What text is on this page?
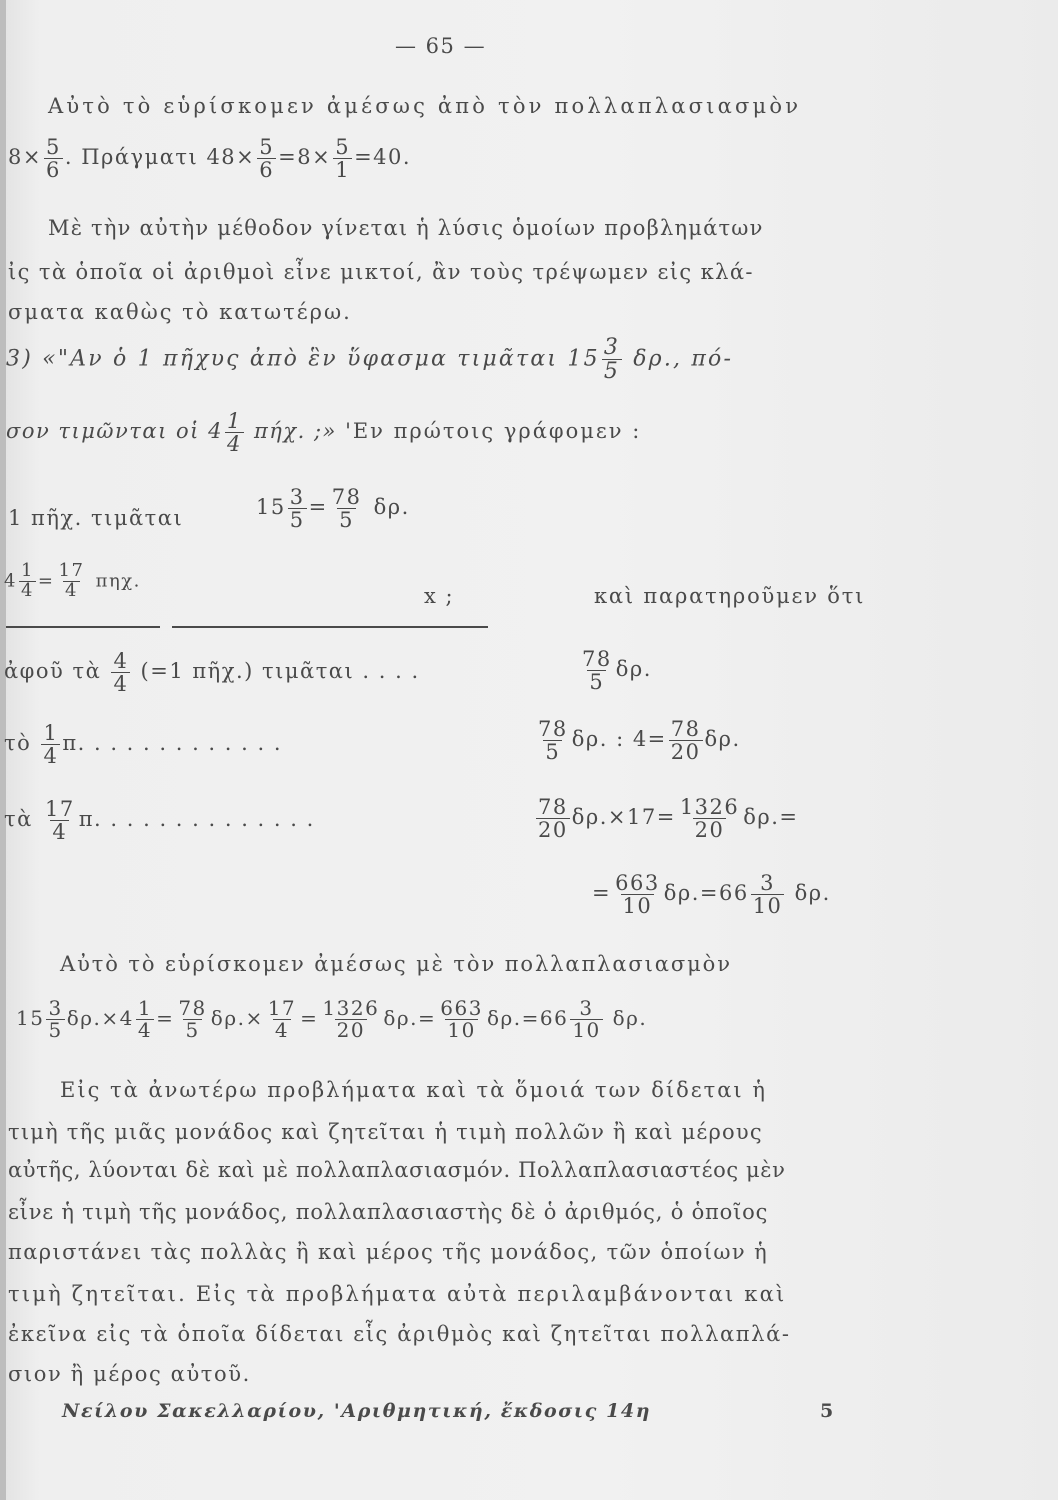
— 65 —
Αὐτὸ τὸ εὑρίσκομεν ἀμέσως ἀπὸ τὸν πολλαπλασιασμὸν
$8\times \frac{5}{6}$ . Πράγματι $48\times \frac{5}{6} =8\times \frac{5}{1} =40$.
Μὲ τὴν αὐτὴν μέθοδον γίνεται ἡ λύσις ὁμοίων προβλημάτων
ἰς τὰ ὁποῖα οἱ ἀριθμοὶ εἶνε μικτοί, ἂν τοὺς τρέψωμεν εἰς κλά-
σματα καθὼς τὸ κατωτέρω.
3) «"Αν ὁ 1 πῆχυς ἀπὸ ἓν ὕφασμα τιμᾶται $15 \frac{3}{5} \delta\rho$., πό-
σον τιμῶνται οἱ $4 \frac{1}{4} \pi ή\chi$. ;» 'Εν πρώτοις γράφομεν :
1 πῆχ. τιμᾶται	$15 \frac{3}{5} = \frac{78}{5} \delta\rho$.
$4 \frac{1}{4} = \frac{17}{4} \pi\eta\chi$.
x ;	καὶ παρατηροῦμεν ὅτι
ἀφοῦ τὰ $\frac{4}{4} (=1$ πῆχ.) τιμᾶται . . . .	$\frac{78}{5} \delta\rho$.
τὸ $\frac{1}{4} \pi$. . . . . . . . . . . . .	$\frac{78}{5} \delta\rho$. : $4= \frac{78}{20} \delta\rho$.
τὰ $\frac{17}{4} \pi$. . . . . . . . . . . . . .	$\frac{78}{20} \delta\rho.\times 17= \frac{1326}{20} \delta\rho.=$
= $\frac{663}{10} \delta\rho.=66 \frac{3}{10} \delta\rho$.
Αὐτὸ τὸ εὑρίσκομεν ἀμέσως μὲ τὸν πολλαπλασιασμὸν
$15 \frac{3}{5} \delta\rho.\times 4 \frac{1}{4} = \frac{78}{5} \delta\rho.\times \frac{17}{4} = \frac{1326}{20} \delta\rho.= \frac{663}{10} \delta\rho.=66 \frac{3}{10} \delta\rho$.
Εἰς τὰ ἀνωτέρω προβλήματα καὶ τὰ ὅμοιά των δίδεται ἡ
τιμὴ τῆς μιᾶς μονάδος καὶ ζητεῖται ἡ τιμὴ πολλῶν ἢ καὶ μέρους
αὐτῆς, λύονται δὲ καὶ μὲ πολλαπλασιασμόν. Πολλαπλασιαστέος μὲν
εἶνε ἡ τιμὴ τῆς μονάδος, πολλαπλασιαστὴς δὲ ὁ ἀριθμός, ὁ ὁποῖος
παριστάνει τὰς πολλὰς ἢ καὶ μέρος τῆς μονάδος, τῶν ὁποίων ἡ
τιμὴ ζητεῖται. Εἰς τὰ προβλήματα αὐτὰ περιλαμβάνονται καὶ
ἐκεῖνα εἰς τὰ ὁποῖα δίδεται εἷς ἀριθμὸς καὶ ζητεῖται πολλαπλά-
σιον ἢ μέρος αὐτοῦ.
Νείλου Σακελλαρίου, 'Αριθμητική, ἔκδοσις 14η	5
